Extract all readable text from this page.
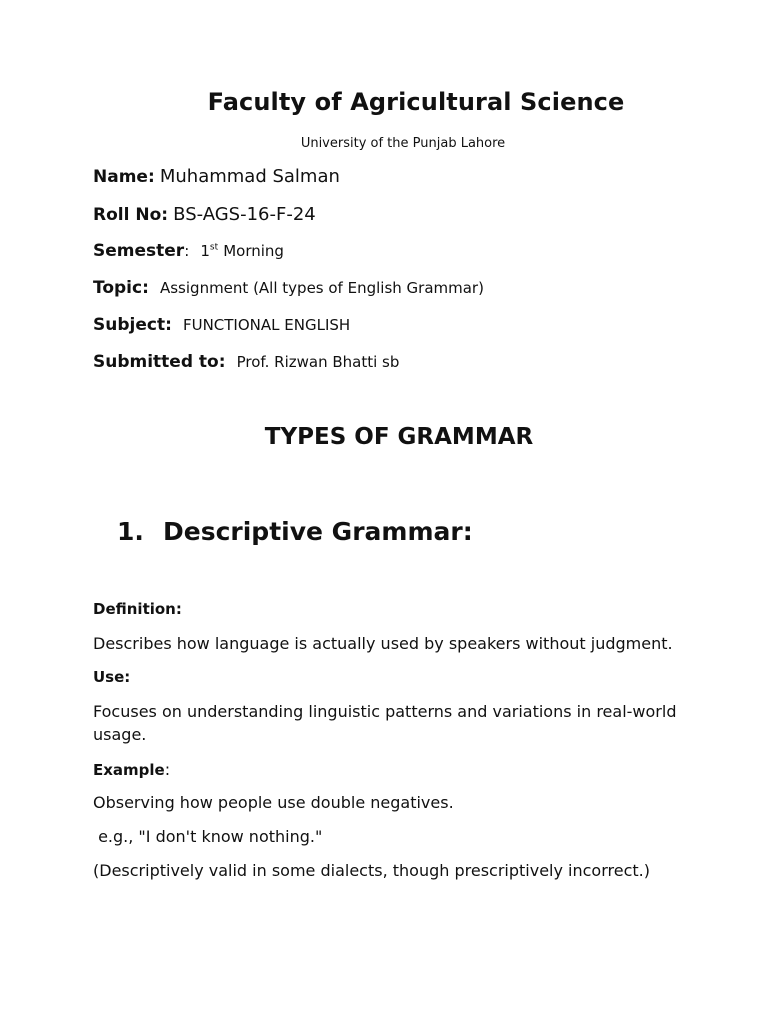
Faculty of Agricultural Science
University of the Punjab Lahore
Name: Muhammad Salman
Roll No: BS-AGS-16-F-24
Semester: 1st Morning
Topic: Assignment (All types of English Grammar)
Subject: FUNCTIONAL ENGLISH
Submitted to: Prof. Rizwan Bhatti sb
TYPES OF GRAMMAR
1. Descriptive Grammar:
Definition:
Describes how language is actually used by speakers without judgment.
Use:
Focuses on understanding linguistic patterns and variations in real-world usage.
Example:
Observing how people use double negatives.
e.g., "I don't know nothing."
(Descriptively valid in some dialects, though prescriptively incorrect.)
